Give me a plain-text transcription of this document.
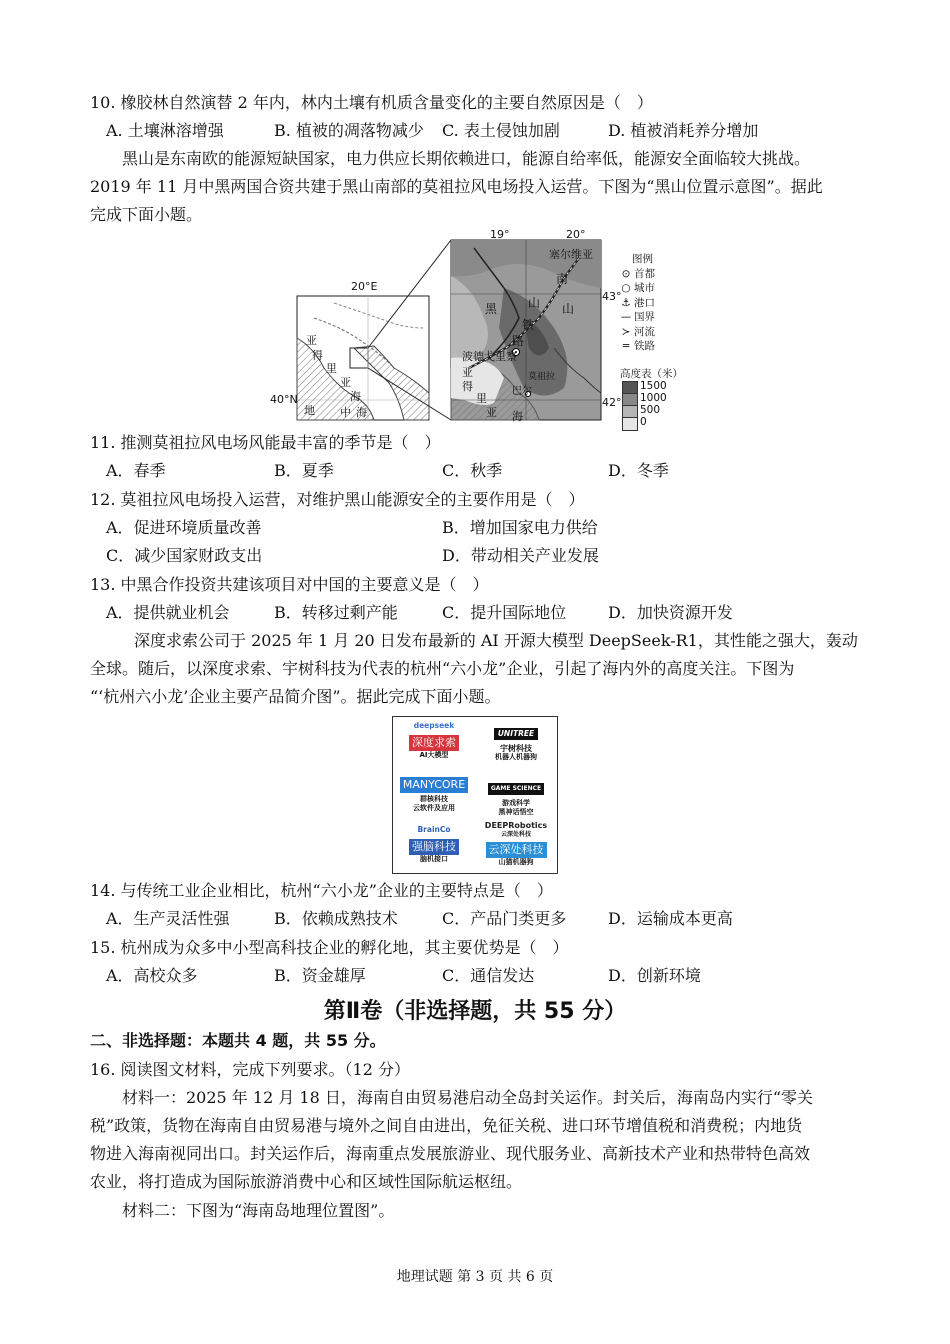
10. 橡胶林自然演替 2 年内，林内土壤有机质含量变化的主要自然原因是（　）
A. 土壤淋溶增强	B. 植被的凋落物减少 C. 表土侵蚀加剧	D. 植被消耗养分增加
黑山是东南欧的能源短缺国家，电力供应长期依赖进口，能源自给率低，能源安全面临较大挑战。
2019 年 11 月中黑两国合资共建于黑山南部的莫祖拉风电场投入运营。下图为“黑山位置示意图”。据此
完成下面小题。
20°E
40°N
亚
得
里
亚
海
地 中 海
19°	20°
43°
42°
塞尔维亚
黑
南
山 山
铁
路
波德戈里察
亚
得
里
亚 海
巴尔
莫祖拉
图例
⊙ 首都
○ 城市
⚓ 港口
— 国界
≻ 河流
═ 铁路
高度表（米）
1500
1000
500
0
11. 推测莫祖拉风电场风能最丰富的季节是（　）
A．春季	B．夏季	C．秋季	D．冬季
12. 莫祖拉风电场投入运营，对维护黑山能源安全的主要作用是（　）
A．促进环境质量改善	B．增加国家电力供给
C．减少国家财政支出	D．带动相关产业发展
13. 中黑合作投资共建该项目对中国的主要意义是（　）
A．提供就业机会	B．转移过剩产能	C．提升国际地位	D．加快资源开发
深度求索公司于 2025 年 1 月 20 日发布最新的 AI 开源大模型 DeepSeek-R1，其性能之强大，轰动
全球。随后，以深度求索、宇树科技为代表的杭州“六小龙”企业，引起了海内外的高度关注。下图为
“‘杭州六小龙’企业主要产品简介图”。据此完成下面小题。
deepseek
深度求索
AI大模型
UNITREE
宇树科技
机器人机器狗
MANYCORE
群核科技
云软件及应用
GAME SCIENCE
游戏科学
黑神话悟空
BrainCo
强脑科技
脑机接口
DEEPRobotics
云深处科技
云深处科技
山猫机器狗
14. 与传统工业企业相比，杭州“六小龙”企业的主要特点是（　）
A．生产灵活性强	B．依赖成熟技术	C．产品门类更多	D．运输成本更高
15. 杭州成为众多中小型高科技企业的孵化地，其主要优势是（　）
A．高校众多	B．资金雄厚	C．通信发达	D．创新环境
第Ⅱ卷（非选择题，共 55 分）
二、非选择题：本题共 4 题，共 55 分。
16. 阅读图文材料，完成下列要求。（12 分）
材料一：2025 年 12 月 18 日，海南自由贸易港启动全岛封关运作。封关后，海南岛内实行“零关
税”政策，货物在海南自由贸易港与境外之间自由进出，免征关税、进口环节增值税和消费税；内地货
物进入海南视同出口。封关运作后，海南重点发展旅游业、现代服务业、高新技术产业和热带特色高效
农业，将打造成为国际旅游消费中心和区域性国际航运枢纽。
材料二：下图为“海南岛地理位置图”。
地理试题 第 3 页 共 6 页
